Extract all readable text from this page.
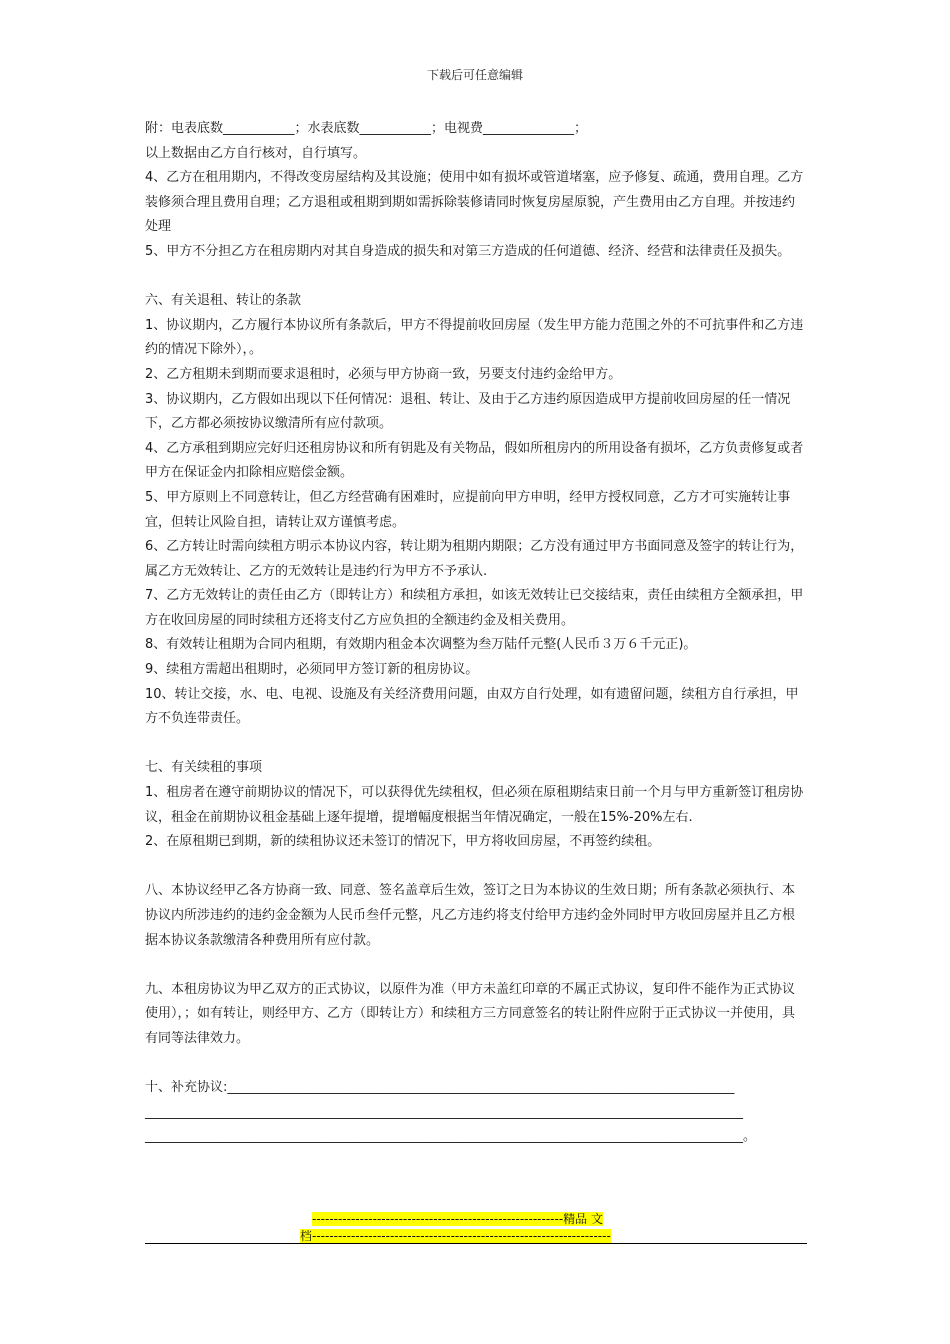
下载后可任意编辑

附：电表底数___________；水表底数___________；电视费______________；

以上数据由乙方自行核对，自行填写。

4、乙方在租用期内，不得改变房屋结构及其设施；使用中如有损坏或管道堵塞，应予修复、疏通，费用自理。乙方装修须合理且费用自理；乙方退租或租期到期如需拆除装修请同时恢复房屋原貌，产生费用由乙方自理。并按违约处理

5、甲方不分担乙方在租房期内对其自身造成的损失和对第三方造成的任何道德、经济、经营和法律责任及损失。

六、有关退租、转让的条款

1、协议期内，乙方履行本协议所有条款后，甲方不得提前收回房屋（发生甲方能力范围之外的不可抗事件和乙方违约的情况下除外），。

2、乙方租期未到期而要求退租时，必须与甲方协商一致，另要支付违约金给甲方。

3、协议期内，乙方假如出现以下任何情况：退租、转让、及由于乙方违约原因造成甲方提前收回房屋的任一情况下，乙方都必须按协议缴清所有应付款项。

4、乙方承租到期应完好归还租房协议和所有钥匙及有关物品，假如所租房内的所用设备有损坏，乙方负责修复或者甲方在保证金内扣除相应赔偿金额。

5、甲方原则上不同意转让，但乙方经营确有困难时，应提前向甲方申明，经甲方授权同意，乙方才可实施转让事宜，但转让风险自担，请转让双方谨慎考虑。

6、乙方转让时需向续租方明示本协议内容，转让期为租期内期限；乙方没有通过甲方书面同意及签字的转让行为，属乙方无效转让、乙方的无效转让是违约行为甲方不予承认.

7、乙方无效转让的责任由乙方（即转让方）和续租方承担，如该无效转让已交接结束，责任由续租方全额承担，甲方在收回房屋的同时续租方还将支付乙方应负担的全额违约金及相关费用。

8、有效转让租期为合同内租期，有效期内租金本次调整为叁万陆仟元整(人民币３万６千元正)。

9、续租方需超出租期时，必须同甲方签订新的租房协议。

10、转让交接，水、电、电视、设施及有关经济费用问题，由双方自行处理，如有遗留问题，续租方自行承担，甲方不负连带责任。

七、有关续租的事项

1、租房者在遵守前期协议的情况下，可以获得优先续租权，但必须在原租期结束日前一个月与甲方重新签订租房协议，租金在前期协议租金基础上逐年提增，提增幅度根据当年情况确定，一般在15%-20%左右.

2、在原租期已到期，新的续租协议还未签订的情况下，甲方将收回房屋，不再签约续租。

八、本协议经甲乙各方协商一致、同意、签名盖章后生效，签订之日为本协议的生效日期；所有条款必须执行、本协议内所涉违约的违约金金额为人民币叁仟元整，凡乙方违约将支付给甲方违约金外同时甲方收回房屋并且乙方根据本协议条款缴清各种费用所有应付款。

九、本租房协议为甲乙双方的正式协议，以原件为准（甲方未盖红印章的不属正式协议，复印件不能作为正式协议使用），；如有转让，则经甲方、乙方（即转让方）和续租方三方同意签名的转让附件应附于正式协议一并使用，具有同等法律效力。

十、补充协议:______________________________________________________________________________

____________________________________________________________________________________________

____________________________________________________________________________________________。

----------------------------------------------------------精品 文
档---------------------------------------------------------------------
